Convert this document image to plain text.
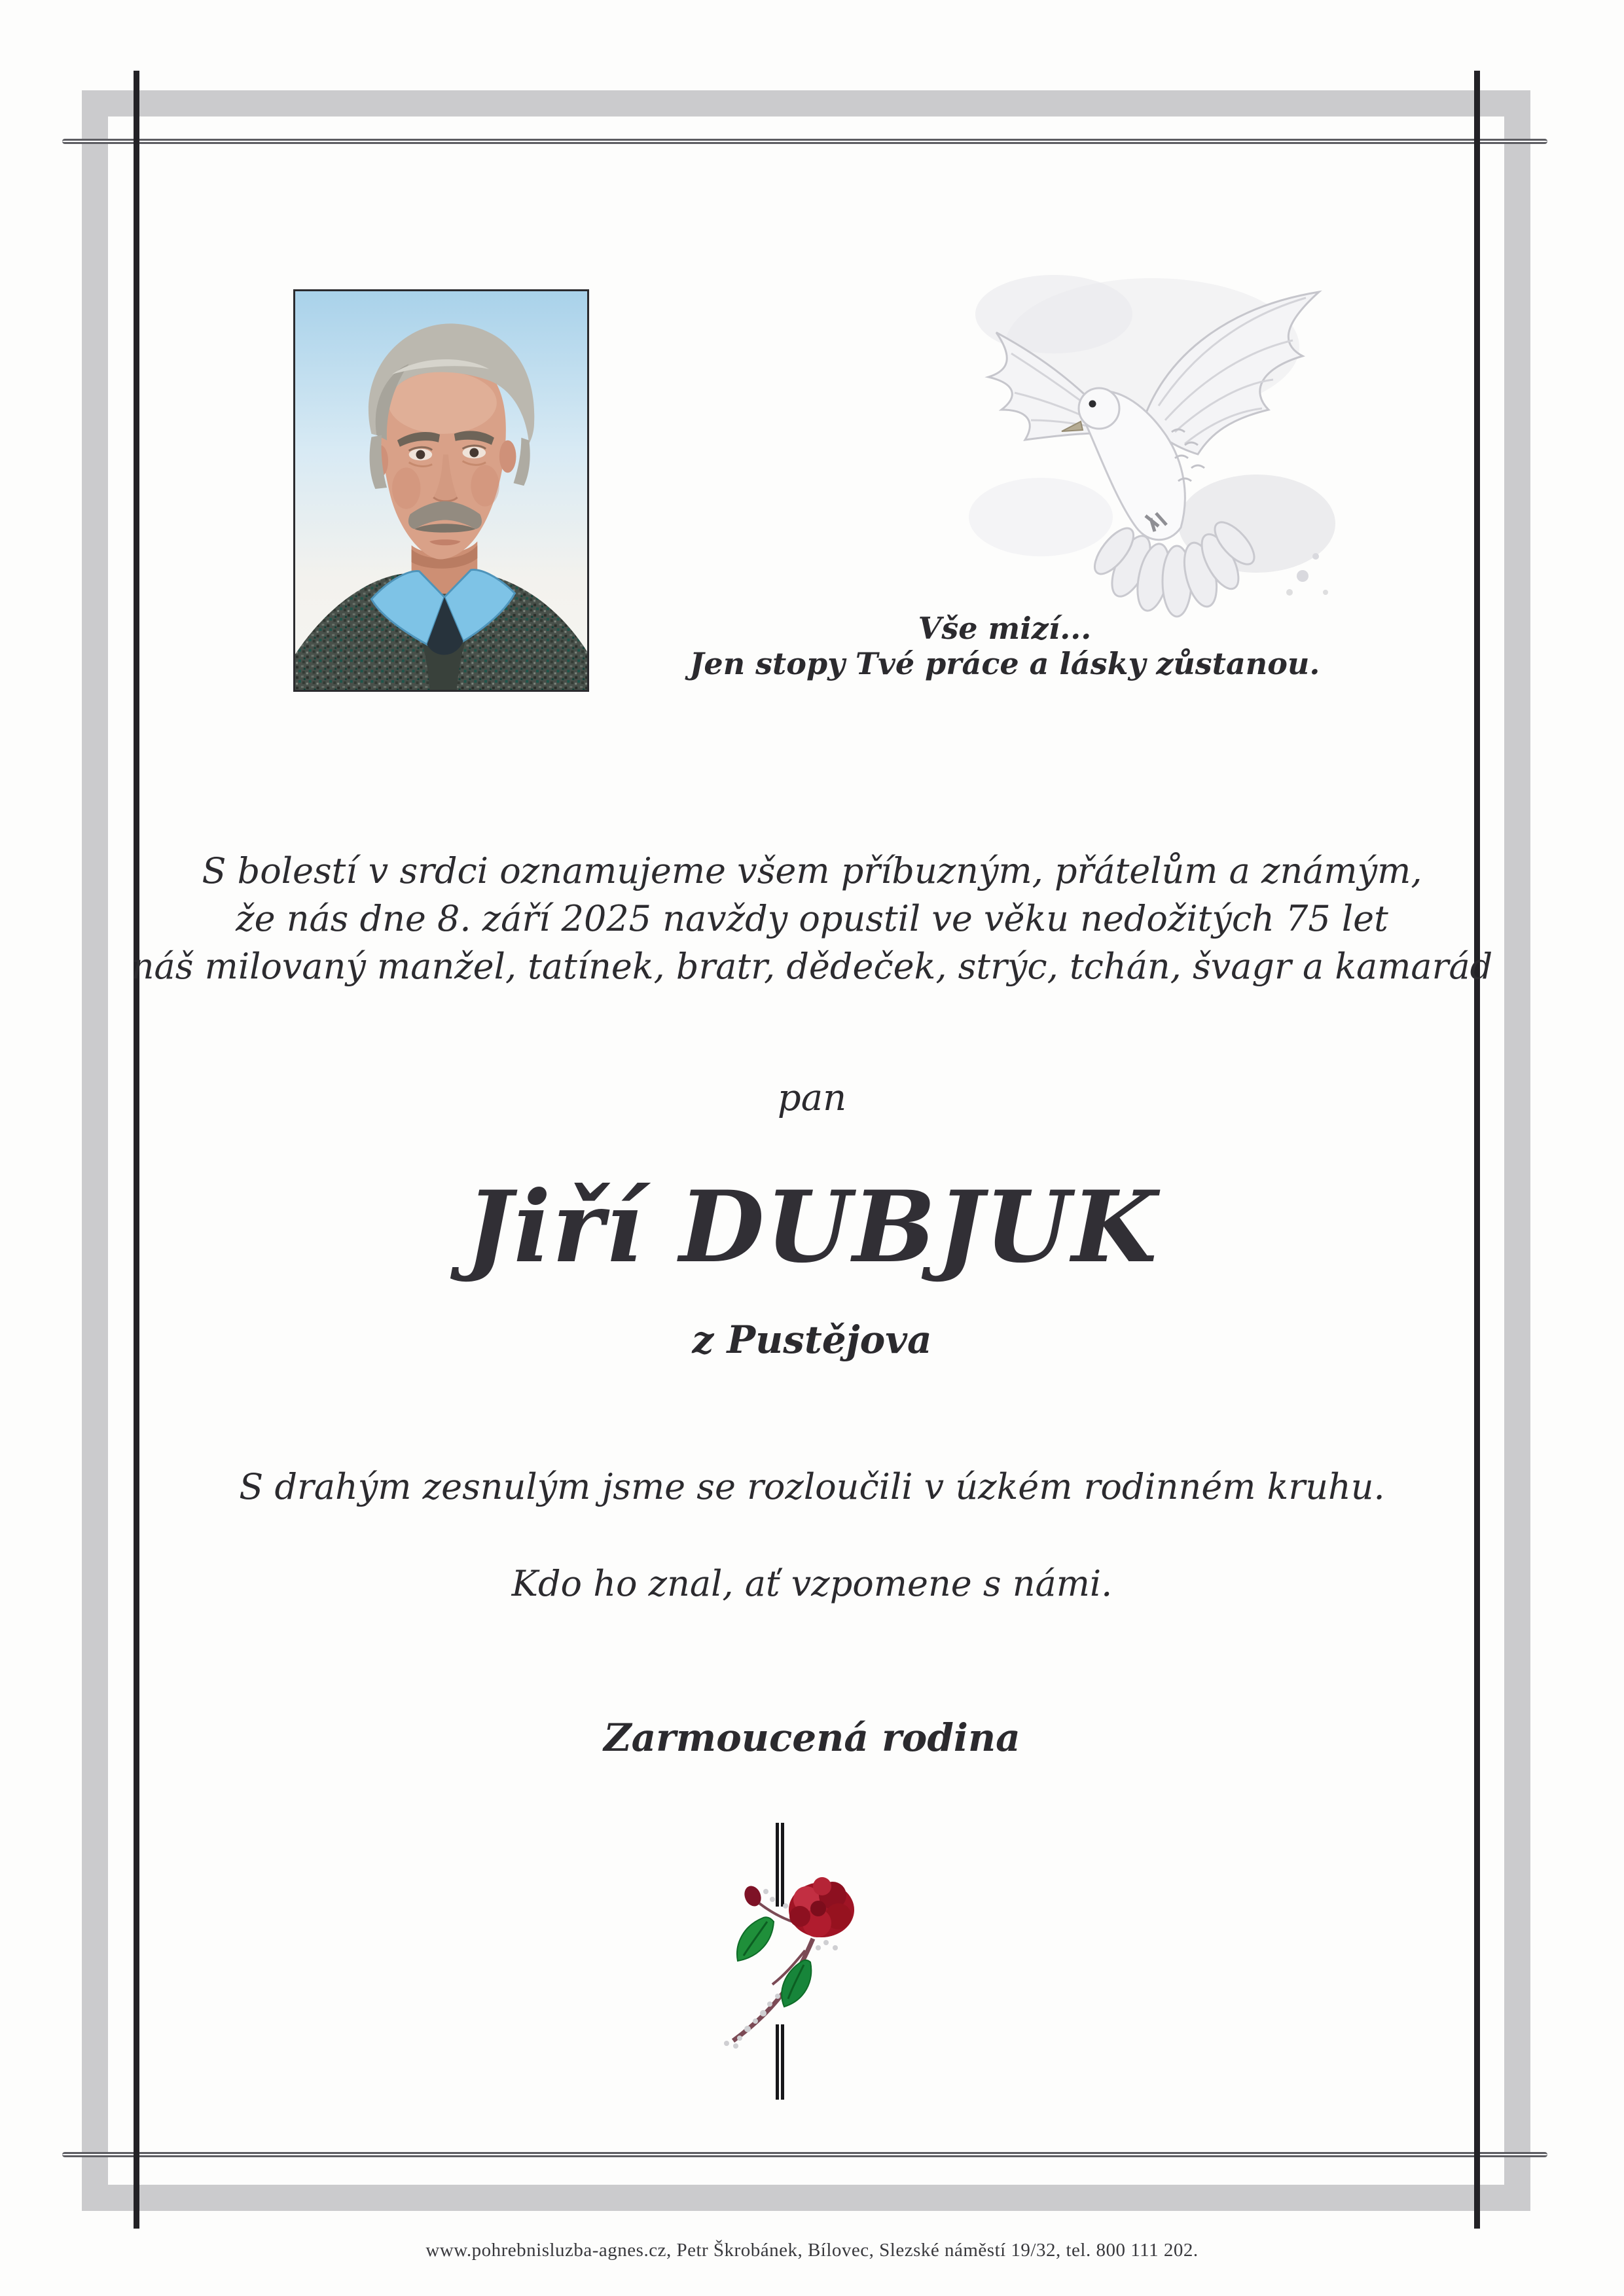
Vše mizí...
Jen stopy Tvé práce a lásky zůstanou.
S bolestí v srdci oznamujeme všem příbuzným, přátelům a známým,
že nás dne 8. září 2025 navždy opustil ve věku nedožitých 75 let
náš milovaný manžel, tatínek, bratr, dědeček, strýc, tchán, švagr a kamarád
pan
Jiří DUBJUK
z Pustějova
S drahým zesnulým jsme se rozloučili v úzkém rodinném kruhu.
Kdo ho znal, ať vzpomene s námi.
Zarmoucená rodina
www.pohrebnisluzba-agnes.cz, Petr Škrobánek, Bílovec, Slezské náměstí 19/32, tel. 800 111 202.
